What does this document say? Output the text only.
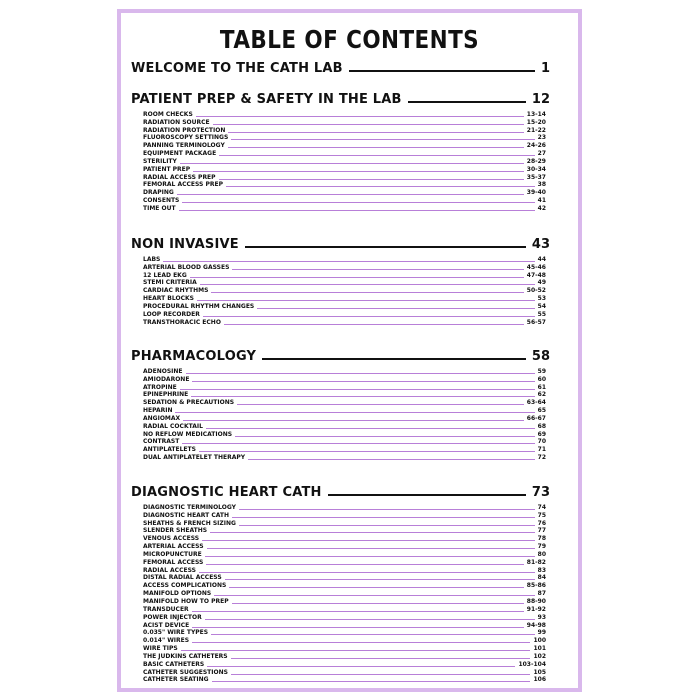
TABLE OF CONTENTS
WELCOME TO THE CATH LAB	1
PATIENT PREP & SAFETY IN THE LAB	12
ROOM CHECKS	13-14
RADIATION SOURCE	15-20
RADIATION PROTECTION	21-22
FLUOROSCOPY SETTINGS	23
PANNING TERMINOLOGY	24-26
EQUIPMENT PACKAGE	27
STERILITY	28-29
PATIENT PREP	30-34
RADIAL ACCESS PREP	35-37
FEMORAL ACCESS PREP	38
DRAPING	39-40
CONSENTS	41
TIME OUT	42
NON INVASIVE	43
LABS	44
ARTERIAL BLOOD GASSES	45-46
12 LEAD EKG	47-48
STEMI CRITERIA	49
CARDIAC RHYTHMS	50-52
HEART BLOCKS	53
PROCEDURAL RHYTHM CHANGES	54
LOOP RECORDER	55
TRANSTHORACIC ECHO	56-57
PHARMACOLOGY	58
ADENOSINE	59
AMIODARONE	60
ATROPINE	61
EPINEPHRINE	62
SEDATION & PRECAUTIONS	63-64
HEPARIN	65
ANGIOMAX	66-67
RADIAL COCKTAIL	68
NO REFLOW MEDICATIONS	69
CONTRAST	70
ANTIPLATELETS	71
DUAL ANTIPLATELET THERAPY	72
DIAGNOSTIC HEART CATH	73
DIAGNOSTIC TERMINOLOGY	74
DIAGNOSTIC HEART CATH	75
SHEATHS & FRENCH SIZING	76
SLENDER SHEATHS	77
VENOUS ACCESS	78
ARTERIAL ACCESS	79
MICROPUNCTURE	80
FEMORAL ACCESS	81-82
RADIAL ACCESS	83
DISTAL RADIAL ACCESS	84
ACCESS COMPLICATIONS	85-86
MANIFOLD OPTIONS	87
MANIFOLD HOW TO PREP	88-90
TRANSDUCER	91-92
POWER INJECTOR	93
ACIST DEVICE	94-98
0.035" WIRE TYPES	99
0.014" WIRES	100
WIRE TIPS	101
THE JUDKINS CATHETERS	102
BASIC CATHETERS	103-104
CATHETER SUGGESTIONS	105
CATHETER SEATING	106
